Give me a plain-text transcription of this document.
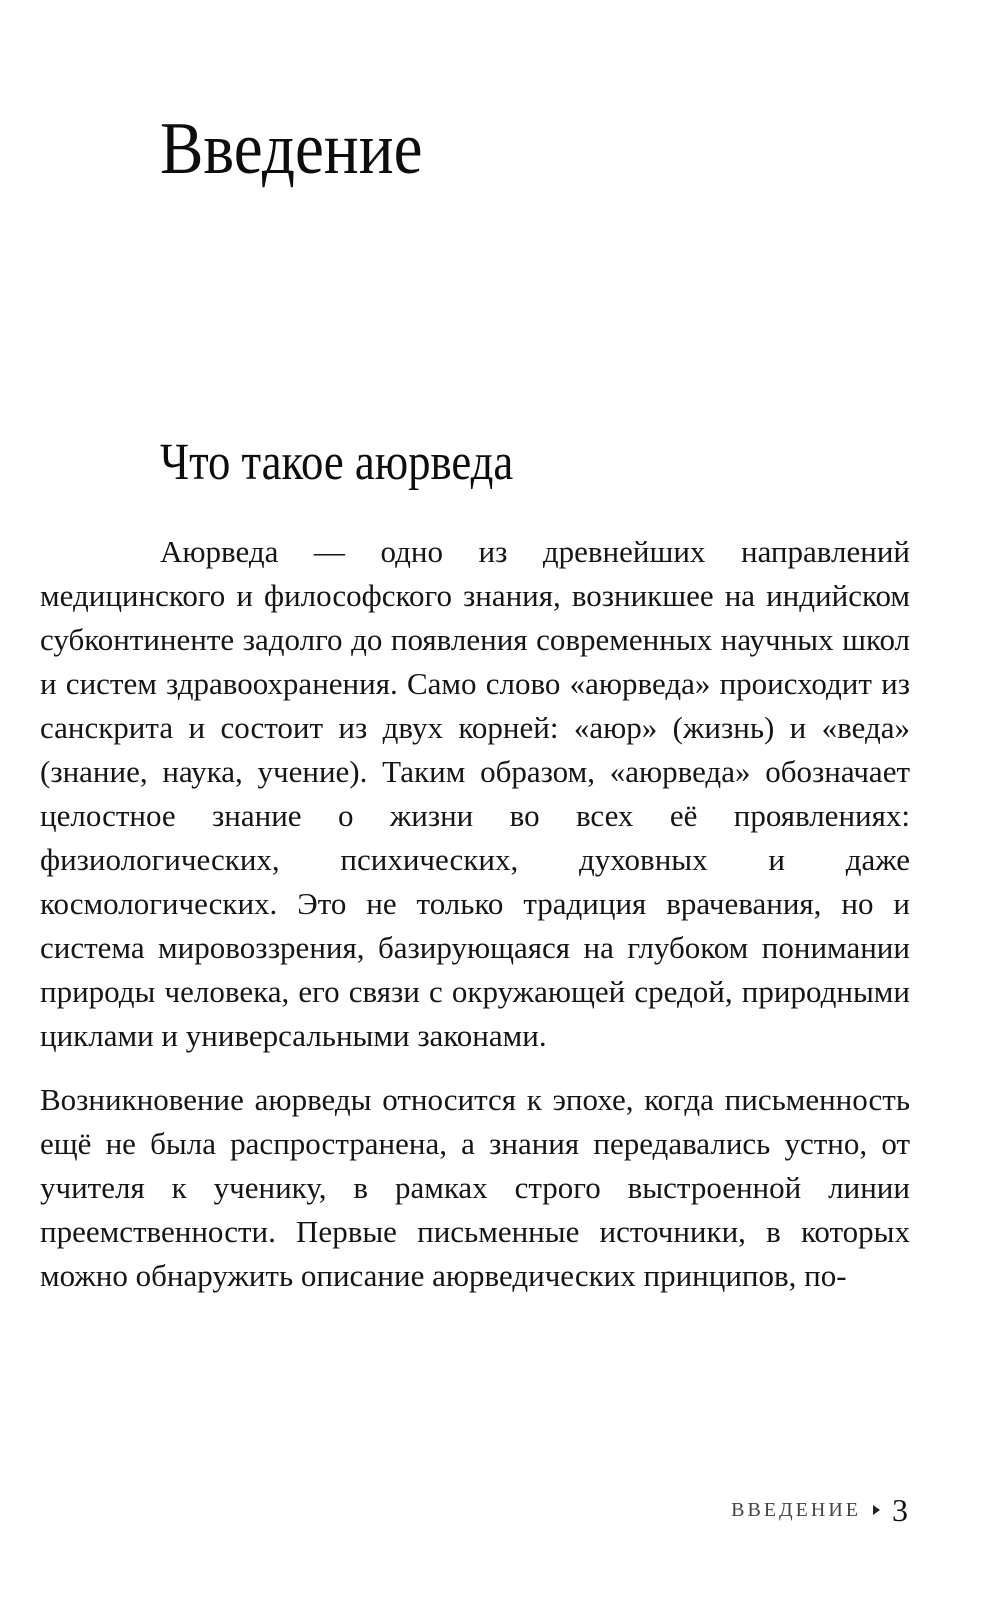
Введение
Что такое аюрведа

Аюрведа — одно из древнейших направлений медицинского и философского знания, возникшее на индийском субконтиненте задолго до появления современных научных школ и систем здравоохранения. Само слово «аюрведа» происходит из санскрита и состоит из двух корней: «аюр» (жизнь) и «веда» (знание, наука, учение). Таким образом, «аюрведа» обозначает целостное знание о жизни во всех её проявлениях: физиологических, психических, духовных и даже космологических. Это не только традиция врачевания, но и система мировоззрения, базирующаяся на глубоком понимании природы человека, его связи с окружающей средой, природными циклами и универсальными законами.

Возникновение аюрведы относится к эпохе, когда письменность ещё не была распространена, а знания передавались устно, от учителя к ученику, в рамках строго выстроенной линии преемственности. Первые письменные источники, в которых можно обнаружить описание аюрведических принципов, по-

ВВЕДЕНИЕ 3
